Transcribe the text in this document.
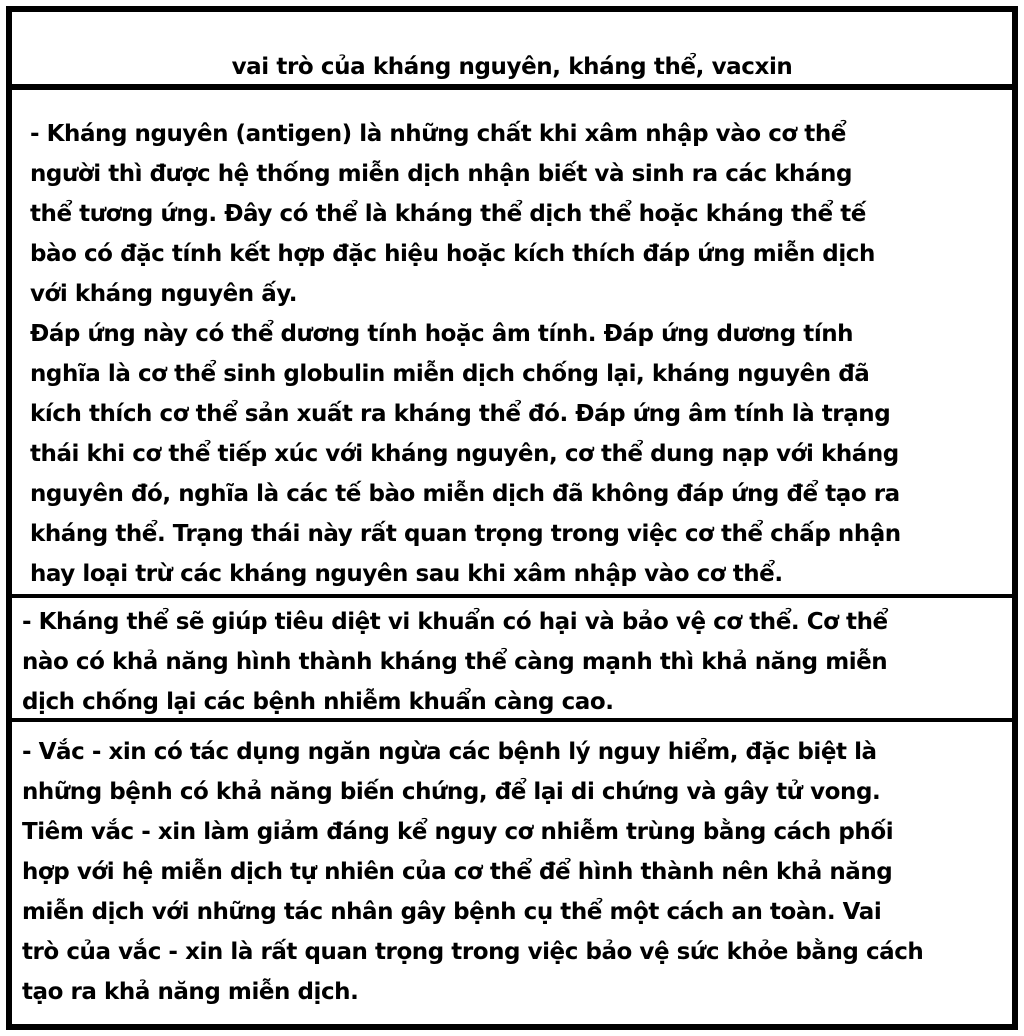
vai trò của kháng nguyên, kháng thể, vacxin
- Kháng nguyên (antigen) là những chất khi xâm nhập vào cơ thể
người thì được hệ thống miễn dịch nhận biết và sinh ra các kháng
thể tương ứng. Đây có thể là kháng thể dịch thể hoặc kháng thể tế
bào có đặc tính kết hợp đặc hiệu hoặc kích thích đáp ứng miễn dịch
với kháng nguyên ấy.
Đáp ứng này có thể dương tính hoặc âm tính. Đáp ứng dương tính
nghĩa là cơ thể sinh globulin miễn dịch chống lại, kháng nguyên đã
kích thích cơ thể sản xuất ra kháng thể đó. Đáp ứng âm tính là trạng
thái khi cơ thể tiếp xúc với kháng nguyên, cơ thể dung nạp với kháng
nguyên đó, nghĩa là các tế bào miễn dịch đã không đáp ứng để tạo ra
kháng thể. Trạng thái này rất quan trọng trong việc cơ thể chấp nhận
hay loại trừ các kháng nguyên sau khi xâm nhập vào cơ thể.
- Kháng thể sẽ giúp tiêu diệt vi khuẩn có hại và bảo vệ cơ thể. Cơ thể
nào có khả năng hình thành kháng thể càng mạnh thì khả năng miễn
dịch chống lại các bệnh nhiễm khuẩn càng cao.
- Vắc - xin có tác dụng ngăn ngừa các bệnh lý nguy hiểm, đặc biệt là
những bệnh có khả năng biến chứng, để lại di chứng và gây tử vong.
Tiêm vắc - xin làm giảm đáng kể nguy cơ nhiễm trùng bằng cách phối
hợp với hệ miễn dịch tự nhiên của cơ thể để hình thành nên khả năng
miễn dịch với những tác nhân gây bệnh cụ thể một cách an toàn. Vai
trò của vắc - xin là rất quan trọng trong việc bảo vệ sức khỏe bằng cách
tạo ra khả năng miễn dịch.
